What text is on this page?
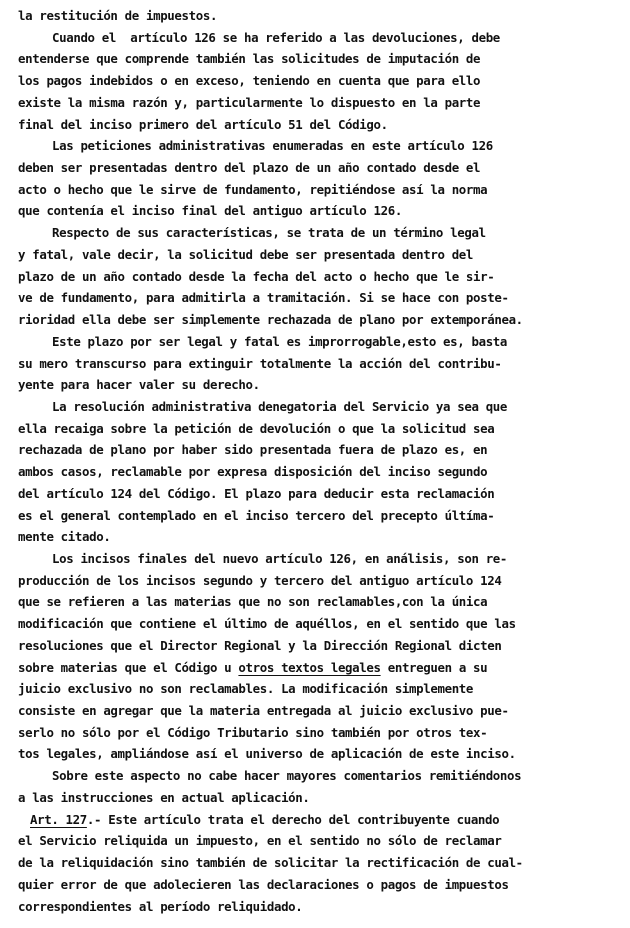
la restitución de impuestos.
Cuando el  artículo 126 se ha referido a las devoluciones, debe
entenderse que comprende también las solicitudes de imputación de
los pagos indebidos o en exceso, teniendo en cuenta que para ello
existe la misma razón y, particularmente lo dispuesto en la parte
final del inciso primero del artículo 51 del Código.
Las peticiones administrativas enumeradas en este artículo 126
deben ser presentadas dentro del plazo de un año contado desde el
acto o hecho que le sirve de fundamento, repitiéndose así la norma
que contenía el inciso final del antiguo artículo 126.
Respecto de sus características, se trata de un término legal
y fatal, vale decir, la solicitud debe ser presentada dentro del
plazo de un año contado desde la fecha del acto o hecho que le sir-
ve de fundamento, para admitirla a tramitación. Si se hace con poste-
rioridad ella debe ser simplemente rechazada de plano por extemporánea.
Este plazo por ser legal y fatal es improrrogable,esto es, basta
su mero transcurso para extinguir totalmente la acción del contribu-
yente para hacer valer su derecho.
La resolución administrativa denegatoria del Servicio ya sea que
ella recaiga sobre la petición de devolución o que la solicitud sea
rechazada de plano por haber sido presentada fuera de plazo es, en
ambos casos, reclamable por expresa disposición del inciso segundo
del artículo 124 del Código. El plazo para deducir esta reclamación
es el general contemplado en el inciso tercero del precepto últíma-
mente citado.
Los incisos finales del nuevo artículo 126, en análisis, son re-
producción de los incisos segundo y tercero del antiguo artículo 124
que se refieren a las materias que no son reclamables,con la única
modificación que contiene el último de aquéllos, en el sentido que las
resoluciones que el Director Regional y la Dirección Regional dicten
sobre materias que el Código u otros textos legales entreguen a su
juicio exclusivo no son reclamables. La modificación simplemente
consiste en agregar que la materia entregada al juicio exclusivo pue-
serlo no sólo por el Código Tributario sino también por otros tex-
tos legales, ampliándose así el universo de aplicación de este inciso.
Sobre este aspecto no cabe hacer mayores comentarios remitiéndonos
a las instrucciones en actual aplicación.
Art. 127.- Este artículo trata el derecho del contribuyente cuando
el Servicio reliquida un impuesto, en el sentido no sólo de reclamar
de la reliquidación sino también de solicitar la rectificación de cual-
quier error de que adolecieren las declaraciones o pagos de impuestos
correspondientes al período reliquidado.
